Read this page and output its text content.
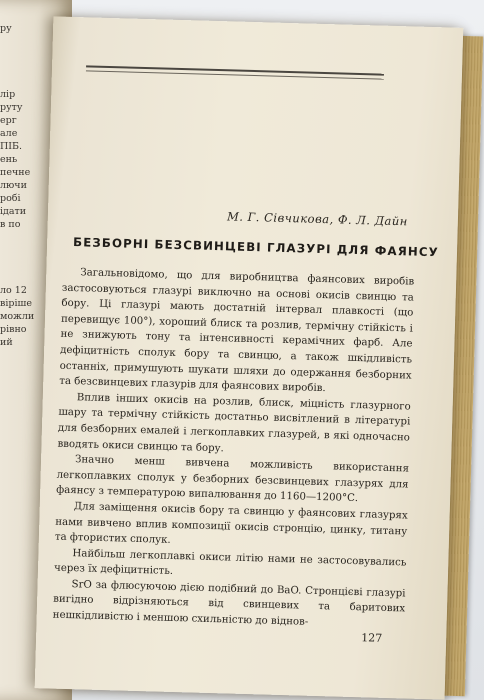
ру
лір
руту
ерг
але
ПІБ.
ень
печне
лючи
робі
ідати
в по
ло 12
віріше
можли
рівно
ий
М. Г. Сівчикова, Ф. Л. Дайн
БЕЗБОРНІ БЕЗСВИНЦЕВІ ГЛАЗУРІ ДЛЯ ФАЯНСУ

Загальновідомо, що для виробництва фаянсових виробів застосовуються глазурі виключно на основі окисів свинцю та бору. Ці глазурі мають достатній інтервал плавкості (що перевищує 100°), хороший блиск та розлив, термічну стійкість і не знижують тону та інтенсивності керамічних фарб. Але дефіцитність сполук бору та свинцю, а також шкідливість останніх, примушують шукати шляхи до одержання безборних та безсвинцевих глазурів для фаянсових виробів.

Вплив інших окисів на розлив, блиск, міцність глазурного шару та термічну стійкість достатньо висвітлений в літературі для безборних емалей і легкоплавких глазурей, в які одночасно вводять окиси свинцю та бору.

Значно менш вивчена можливість використання легкоплавких сполук у безборних безсвинцевих глазурях для фаянсу з температурою випалювання до 1160—1200°С.

Для заміщення окисів бору та свинцю у фаянсових глазурях нами вивчено вплив композиції окисів стронцію, цинку, титану та фтористих сполук.

Найбільш легкоплавкі окиси літію нами не застосовувались через їх дефіцитність.

SrO за флюсуючою дією подібний до BaO. Стронцієві глазурі вигідно відрізняються від свинцевих та баритових нешкідливістю і меншою схильністю до віднов-

127
